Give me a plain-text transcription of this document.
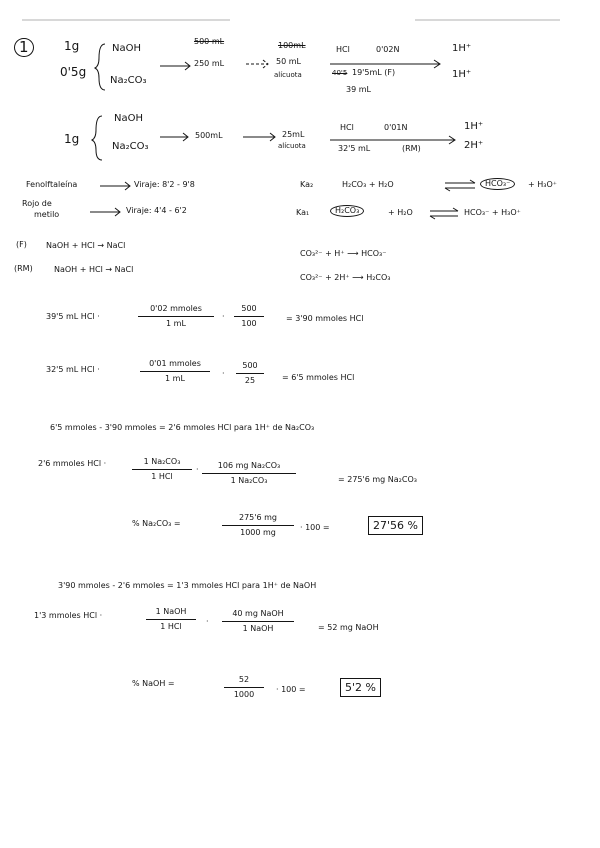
1	1g
0'5g
NaOH
Na₂CO₃
500 mL
250 mL
100mL
50 mL
alícuota
HCl	0'02N
40'5 19'5mL (F)
39 mL
1H⁺
1H⁺
1g
NaOH
Na₂CO₃
500mL	25mL
alícuota
HCl	0'01N
32'5 mL	(RM)
1H⁺
2H⁺
Fenolftaleína	Viraje: 8'2 - 9'8
Rojo de
metilo	Viraje: 4'4 - 6'2
Ka₂	H₂CO₃ + H₂O	HCO₃⁻	+ H₃O⁺
Ka₁	H₂CO₃	+ H₂O	HCO₃⁻ + H₃O⁺
(F) NaOH + HCl → NaCl
(RM)	NaOH + HCl → NaCl
CO₃²⁻ + H⁺ ⟶ HCO₃⁻
CO₃²⁻ + 2H⁺ ⟶ H₂CO₃
39'5 mL HCl ·
0'02 mmoles
1 mL
· $\frac{500}{100}$	= 3'90 mmoles HCl
32'5 mL HCl ·
0'01 mmoles
1 mL
· $\frac{500}{25} = 6'5$ mmoles HCl
6'5 mmoles - 3'90 mmoles = 2'6 mmoles HCl para 1H⁺ de Na₂CO₃
2'6 mmoles HCl ·	1 Na₂CO₃
1 HCl
· $\frac{\text{106 mg Na₂CO₃}}{\text{1 Na₂CO₃}}$	= 275'6 mg Na₂CO₃
% Na₂CO₃ =	$\frac{275'6 mg}{1000 mg} \cdot 100$ =	27'56 %
3'90 mmoles - 2'6 mmoles = 1'3 mmoles HCl para 1H⁺ de NaOH
1'3 mmoles HCl ·	1 NaOH
1 HCl
·
40 mg NaOH
1 NaOH	= 52 mg NaOH
% NaOH =	$\frac{52}{1000} \cdot 100$ =	5'2 %
